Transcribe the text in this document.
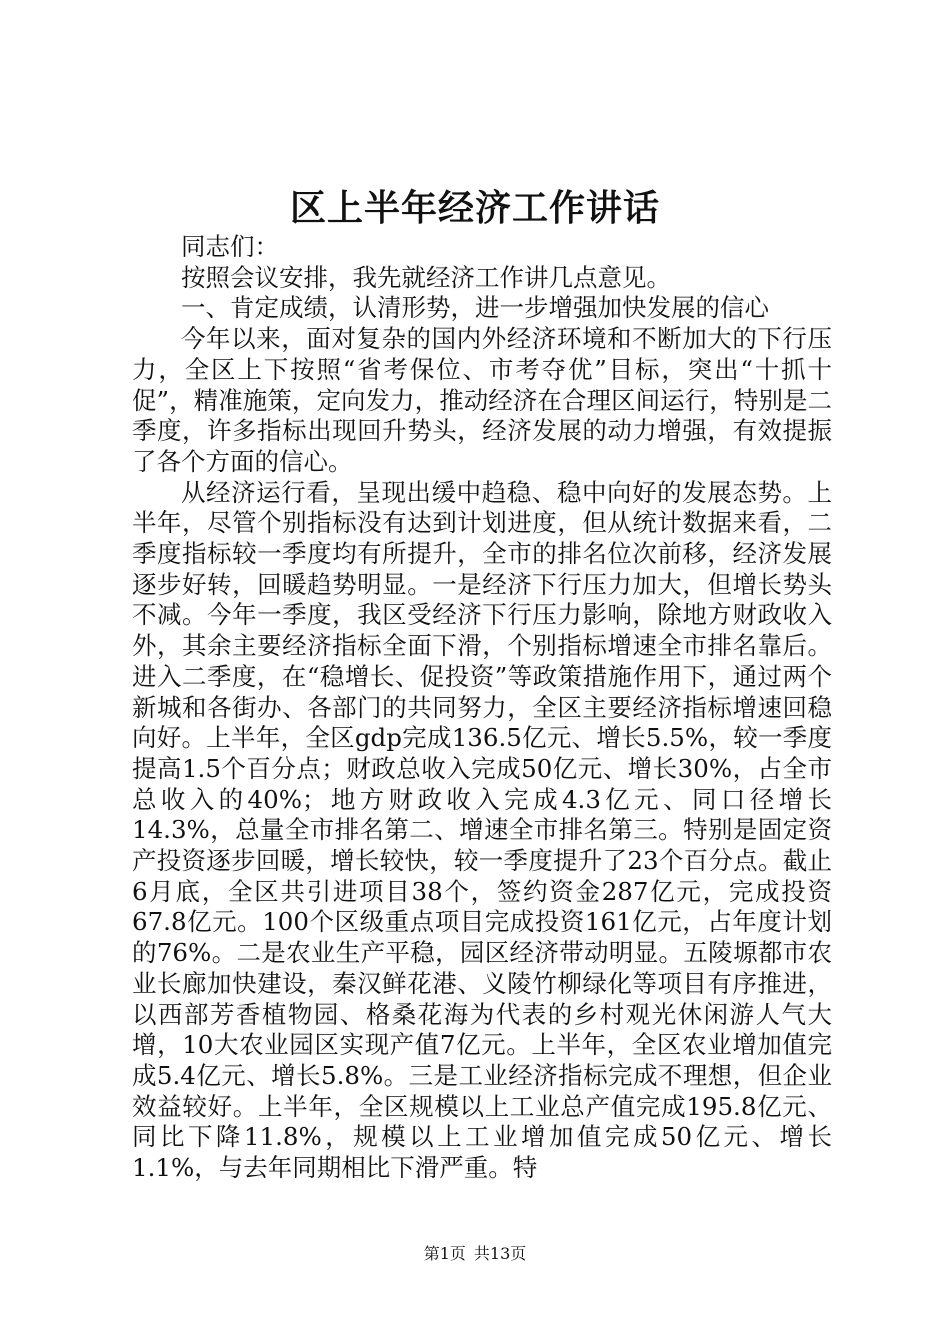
区上半年经济工作讲话

同志们：

按照会议安排，我先就经济工作讲几点意见。

一、肯定成绩，认清形势，进一步增强加快发展的信心

今年以来，面对复杂的国内外经济环境和不断加大的下行压力，全区上下按照“省考保位、市考夺优”目标，突出“十抓十促”，精准施策，定向发力，推动经济在合理区间运行，特别是二季度，许多指标出现回升势头，经济发展的动力增强，有效提振了各个方面的信心。

从经济运行看，呈现出缓中趋稳、稳中向好的发展态势。上半年，尽管个别指标没有达到计划进度，但从统计数据来看，二季度指标较一季度均有所提升，全市的排名位次前移，经济发展逐步好转，回暖趋势明显。一是经济下行压力加大，但增长势头不减。今年一季度，我区受经济下行压力影响，除地方财政收入外，其余主要经济指标全面下滑，个别指标增速全市排名靠后。进入二季度，在“稳增长、促投资”等政策措施作用下，通过两个新城和各街办、各部门的共同努力，全区主要经济指标增速回稳向好。上半年，全区gdp完成136.5亿元、增长5.5%，较一季度提高1.5个百分点；财政总收入完成50亿元、增长30%，占全市总收入的40%；地方财政收入完成4.3亿元、同口径增长14.3%，总量全市排名第二、增速全市排名第三。特别是固定资产投资逐步回暖，增长较快，较一季度提升了23个百分点。截止6月底，全区共引进项目38个，签约资金287亿元，完成投资67.8亿元。100个区级重点项目完成投资161亿元，占年度计划的76%。二是农业生产平稳，园区经济带动明显。五陵塬都市农业长廊加快建设，秦汉鲜花港、义陵竹柳绿化等项目有序推进，以西部芳香植物园、格桑花海为代表的乡村观光休闲游人气大增，10大农业园区实现产值7亿元。上半年，全区农业增加值完成5.4亿元、增长5.8%。三是工业经济指标完成不理想，但企业效益较好。上半年，全区规模以上工业总产值完成195.8亿元、同比下降11.8%，规模以上工业增加值完成50亿元、增长1.1%，与去年同期相比下滑严重。特

第1页 共13页
